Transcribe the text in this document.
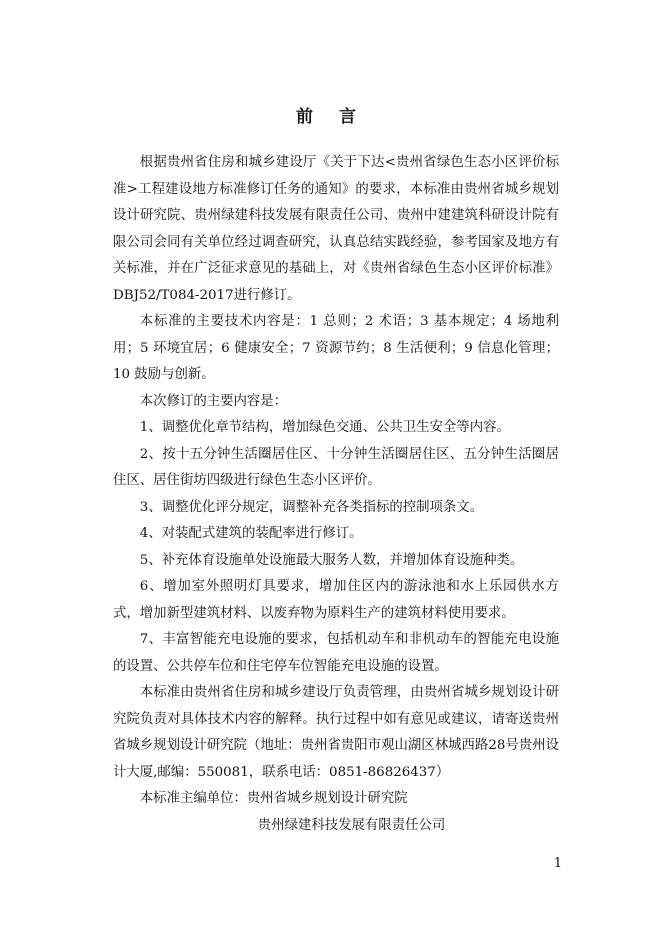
前 言

根据贵州省住房和城乡建设厅《关于下达<贵州省绿色生态小区评价标准>工程建设地方标准修订任务的通知》的要求，本标准由贵州省城乡规划设计研究院、贵州绿建科技发展有限责任公司、贵州中建建筑科研设计院有限公司会同有关单位经过调查研究，认真总结实践经验，参考国家及地方有关标准，并在广泛征求意见的基础上，对《贵州省绿色生态小区评价标准》DBJ52/T084-2017进行修订。

本标准的主要技术内容是：1 总则；2 术语；3 基本规定；4 场地利用；5 环境宜居；6 健康安全；7 资源节约；8 生活便利；9 信息化管理；10 鼓励与创新。

本次修订的主要内容是：

1、调整优化章节结构，增加绿色交通、公共卫生安全等内容。

2、按十五分钟生活圈居住区、十分钟生活圈居住区、五分钟生活圈居住区、居住街坊四级进行绿色生态小区评价。

3、调整优化评分规定，调整补充各类指标的控制项条文。

4、对装配式建筑的装配率进行修订。

5、补充体育设施单处设施最大服务人数，并增加体育设施种类。

6、增加室外照明灯具要求，增加住区内的游泳池和水上乐园供水方式，增加新型建筑材料、以废弃物为原料生产的建筑材料使用要求。

7、丰富智能充电设施的要求，包括机动车和非机动车的智能充电设施的设置、公共停车位和住宅停车位智能充电设施的设置。

本标准由贵州省住房和城乡建设厅负责管理，由贵州省城乡规划设计研究院负责对具体技术内容的解释。执行过程中如有意见或建议，请寄送贵州省城乡规划设计研究院（地址：贵州省贵阳市观山湖区林城西路28号贵州设计大厦,邮编：550081，联系电话：0851-86826437）

本标准主编单位：贵州省城乡规划设计研究院

贵州绿建科技发展有限责任公司

1
